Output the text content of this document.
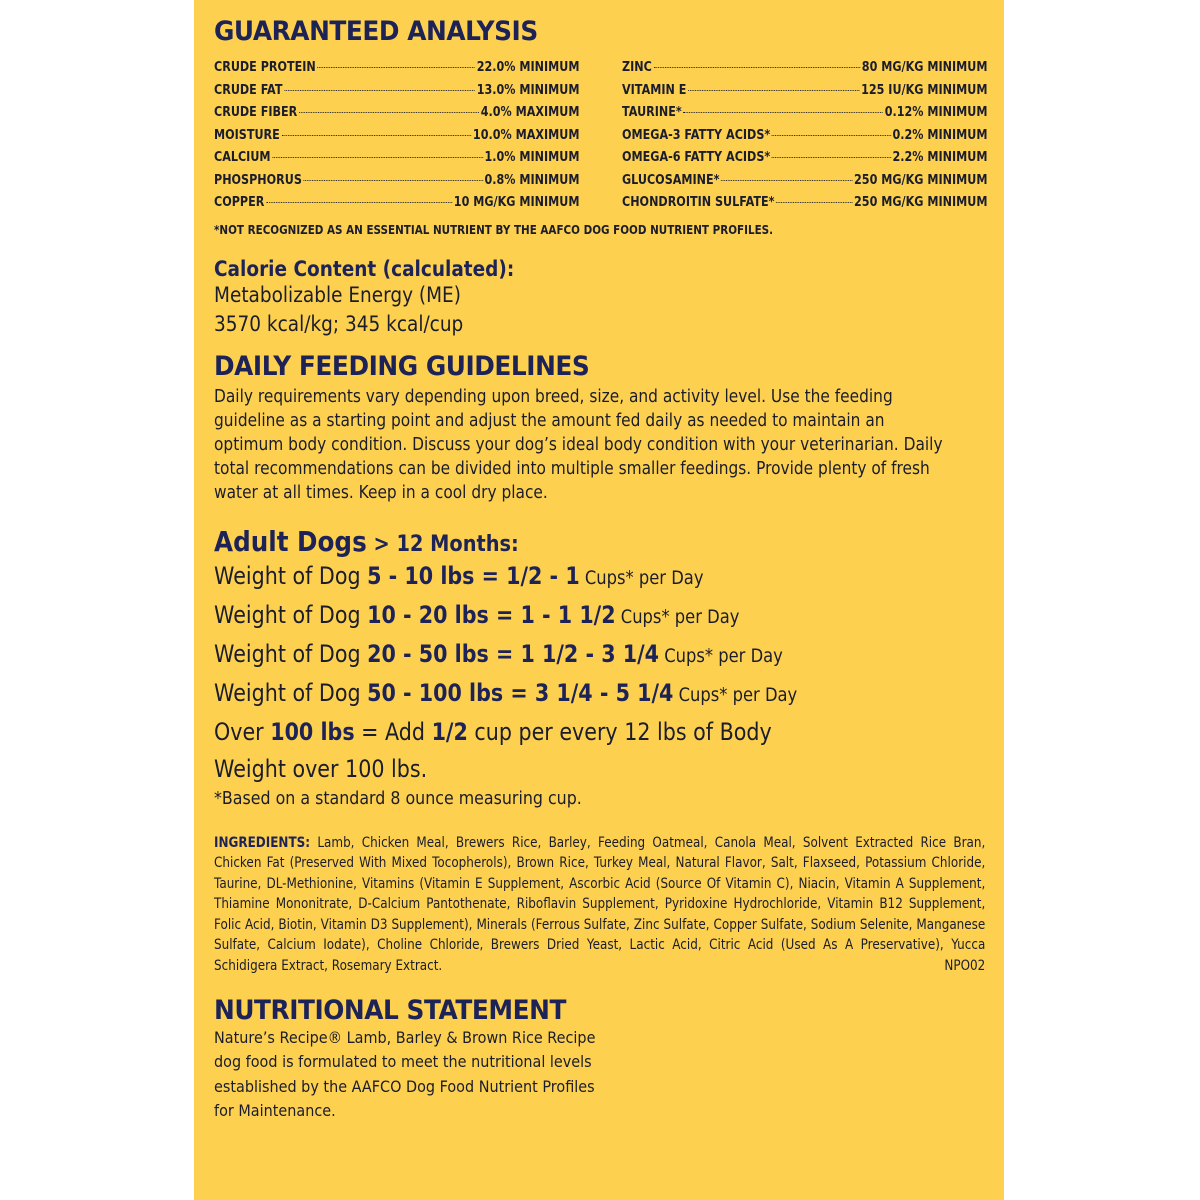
GUARANTEED ANALYSIS
CRUDE PROTEIN	22.0% MINIMUM
CRUDE FAT	13.0% MINIMUM
CRUDE FIBER	4.0% MAXIMUM
MOISTURE	10.0% MAXIMUM
CALCIUM	1.0% MINIMUM
PHOSPHORUS	0.8% MINIMUM
COPPER	10 MG/KG MINIMUM
ZINC	80 MG/KG MINIMUM
VITAMIN E	125 IU/KG MINIMUM
TAURINE*	0.12% MINIMUM
OMEGA-3 FATTY ACIDS*	0.2% MINIMUM
OMEGA-6 FATTY ACIDS*	2.2% MINIMUM
GLUCOSAMINE*	250 MG/KG MINIMUM
CHONDROITIN SULFATE*	250 MG/KG MINIMUM
*NOT RECOGNIZED AS AN ESSENTIAL NUTRIENT BY THE AAFCO DOG FOOD NUTRIENT PROFILES.
Calorie Content (calculated):
Metabolizable Energy (ME)
3570 kcal/kg; 345 kcal/cup
DAILY FEEDING GUIDELINES
Daily requirements vary depending upon breed, size, and activity level. Use the feeding guideline as a starting point and adjust the amount fed daily as needed to maintain an optimum body condition. Discuss your dog’s ideal body condition with your veterinarian. Daily total recommendations can be divided into multiple smaller feedings. Provide plenty of fresh water at all times. Keep in a cool dry place.
Adult Dogs > 12 Months:
Weight of Dog 5 - 10 lbs = 1/2 - 1 Cups* per Day
Weight of Dog 10 - 20 lbs = 1 - 1 1/2 Cups* per Day
Weight of Dog 20 - 50 lbs = 1 1/2 - 3 1/4 Cups* per Day
Weight of Dog 50 - 100 lbs = 3 1/4 - 5 1/4 Cups* per Day
Over 100 lbs = Add 1/2 cup per every 12 lbs of Body
Weight over 100 lbs.
*Based on a standard 8 ounce measuring cup.
INGREDIENTS: Lamb, Chicken Meal, Brewers Rice, Barley, Feeding Oatmeal, Canola Meal, Solvent Extracted Rice Bran, Chicken Fat (Preserved With Mixed Tocopherols), Brown Rice, Turkey Meal, Natural Flavor, Salt, Flaxseed, Potassium Chloride, Taurine, DL-Methionine, Vitamins (Vitamin E Supplement, Ascorbic Acid (Source Of Vitamin C), Niacin, Vitamin A Supplement, Thiamine Mononitrate, D-Calcium Pantothenate, Riboflavin Supplement, Pyridoxine Hydrochloride, Vitamin B12 Supplement, Folic Acid, Biotin, Vitamin D3 Supplement), Minerals (Ferrous Sulfate, Zinc Sulfate, Copper Sulfate, Sodium Selenite, Manganese Sulfate, Calcium Iodate), Choline Chloride, Brewers Dried Yeast, Lactic Acid, Citric Acid (Used As A Preservative), Yucca Schidigera Extract, Rosemary Extract.	NPO02
NUTRITIONAL STATEMENT
Nature’s Recipe® Lamb, Barley & Brown Rice Recipe
dog food is formulated to meet the nutritional levels
established by the AAFCO Dog Food Nutrient Profiles
for Maintenance.
